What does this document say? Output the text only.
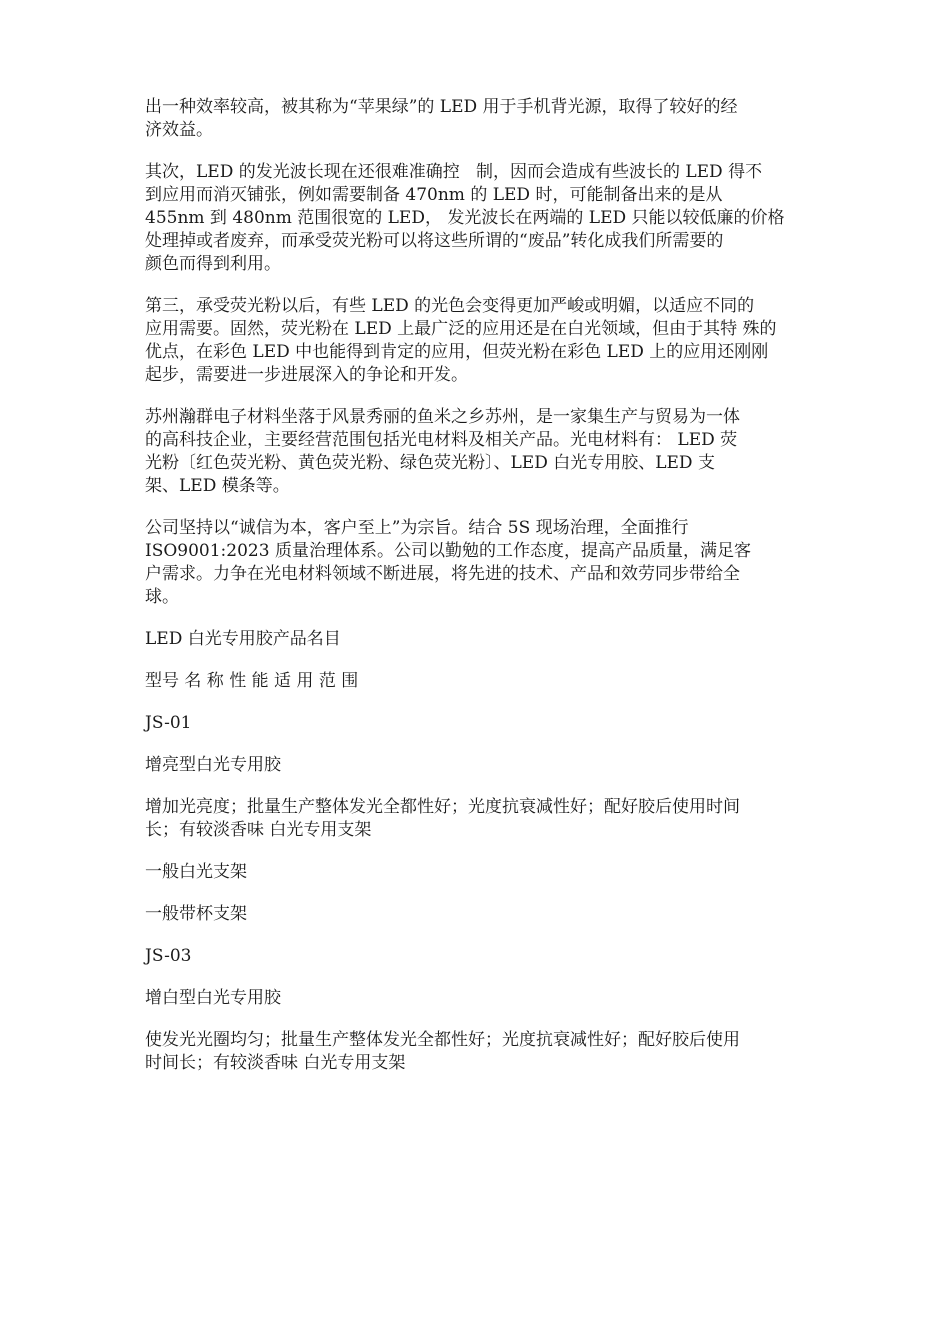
出一种效率较高，被其称为“苹果绿”的 LED 用于手机背光源，取得了较好的经
济效益。

其次，LED 的发光波长现在还很难准确控   制，因而会造成有些波长的 LED 得不
到应用而消灭铺张，例如需要制备 470nm 的 LED 时，可能制备出来的是从
455nm 到 480nm 范围很宽的 LED， 发光波长在两端的 LED 只能以较低廉的价格
处理掉或者废弃，而承受荧光粉可以将这些所谓的“废品”转化成我们所需要的
颜色而得到利用。

第三，承受荧光粉以后，有些 LED 的光色会变得更加严峻或明媚，以适应不同的
应用需要。固然，荧光粉在 LED 上最广泛的应用还是在白光领域，但由于其特 殊的
优点，在彩色 LED 中也能得到肯定的应用，但荧光粉在彩色 LED 上的应用还刚刚
起步，需要进一步进展深入的争论和开发。

苏州瀚群电子材料坐落于风景秀丽的鱼米之乡苏州，是一家集生产与贸易为一体
的高科技企业，主要经营范围包括光电材料及相关产品。光电材料有： LED 荧
光粉〔红色荧光粉、黄色荧光粉、绿色荧光粉〕、LED 白光专用胶、LED 支
架、LED 模条等。

公司坚持以“诚信为本，客户至上”为宗旨。结合 5S 现场治理，全面推行
ISO9001:2023 质量治理体系。公司以勤勉的工作态度，提高产品质量，满足客
户需求。力争在光电材料领域不断进展，将先进的技术、产品和效劳同步带给全
球。

LED 白光专用胶产品名目

型号 名 称 性 能 适 用 范 围

JS-01

增亮型白光专用胶

增加光亮度；批量生产整体发光全都性好；光度抗衰减性好；配好胶后使用时间
长；有较淡香味 白光专用支架

一般白光支架

一般带杯支架

JS-03

增白型白光专用胶

使发光光圈均匀；批量生产整体发光全都性好；光度抗衰减性好；配好胶后使用
时间长；有较淡香味 白光专用支架
